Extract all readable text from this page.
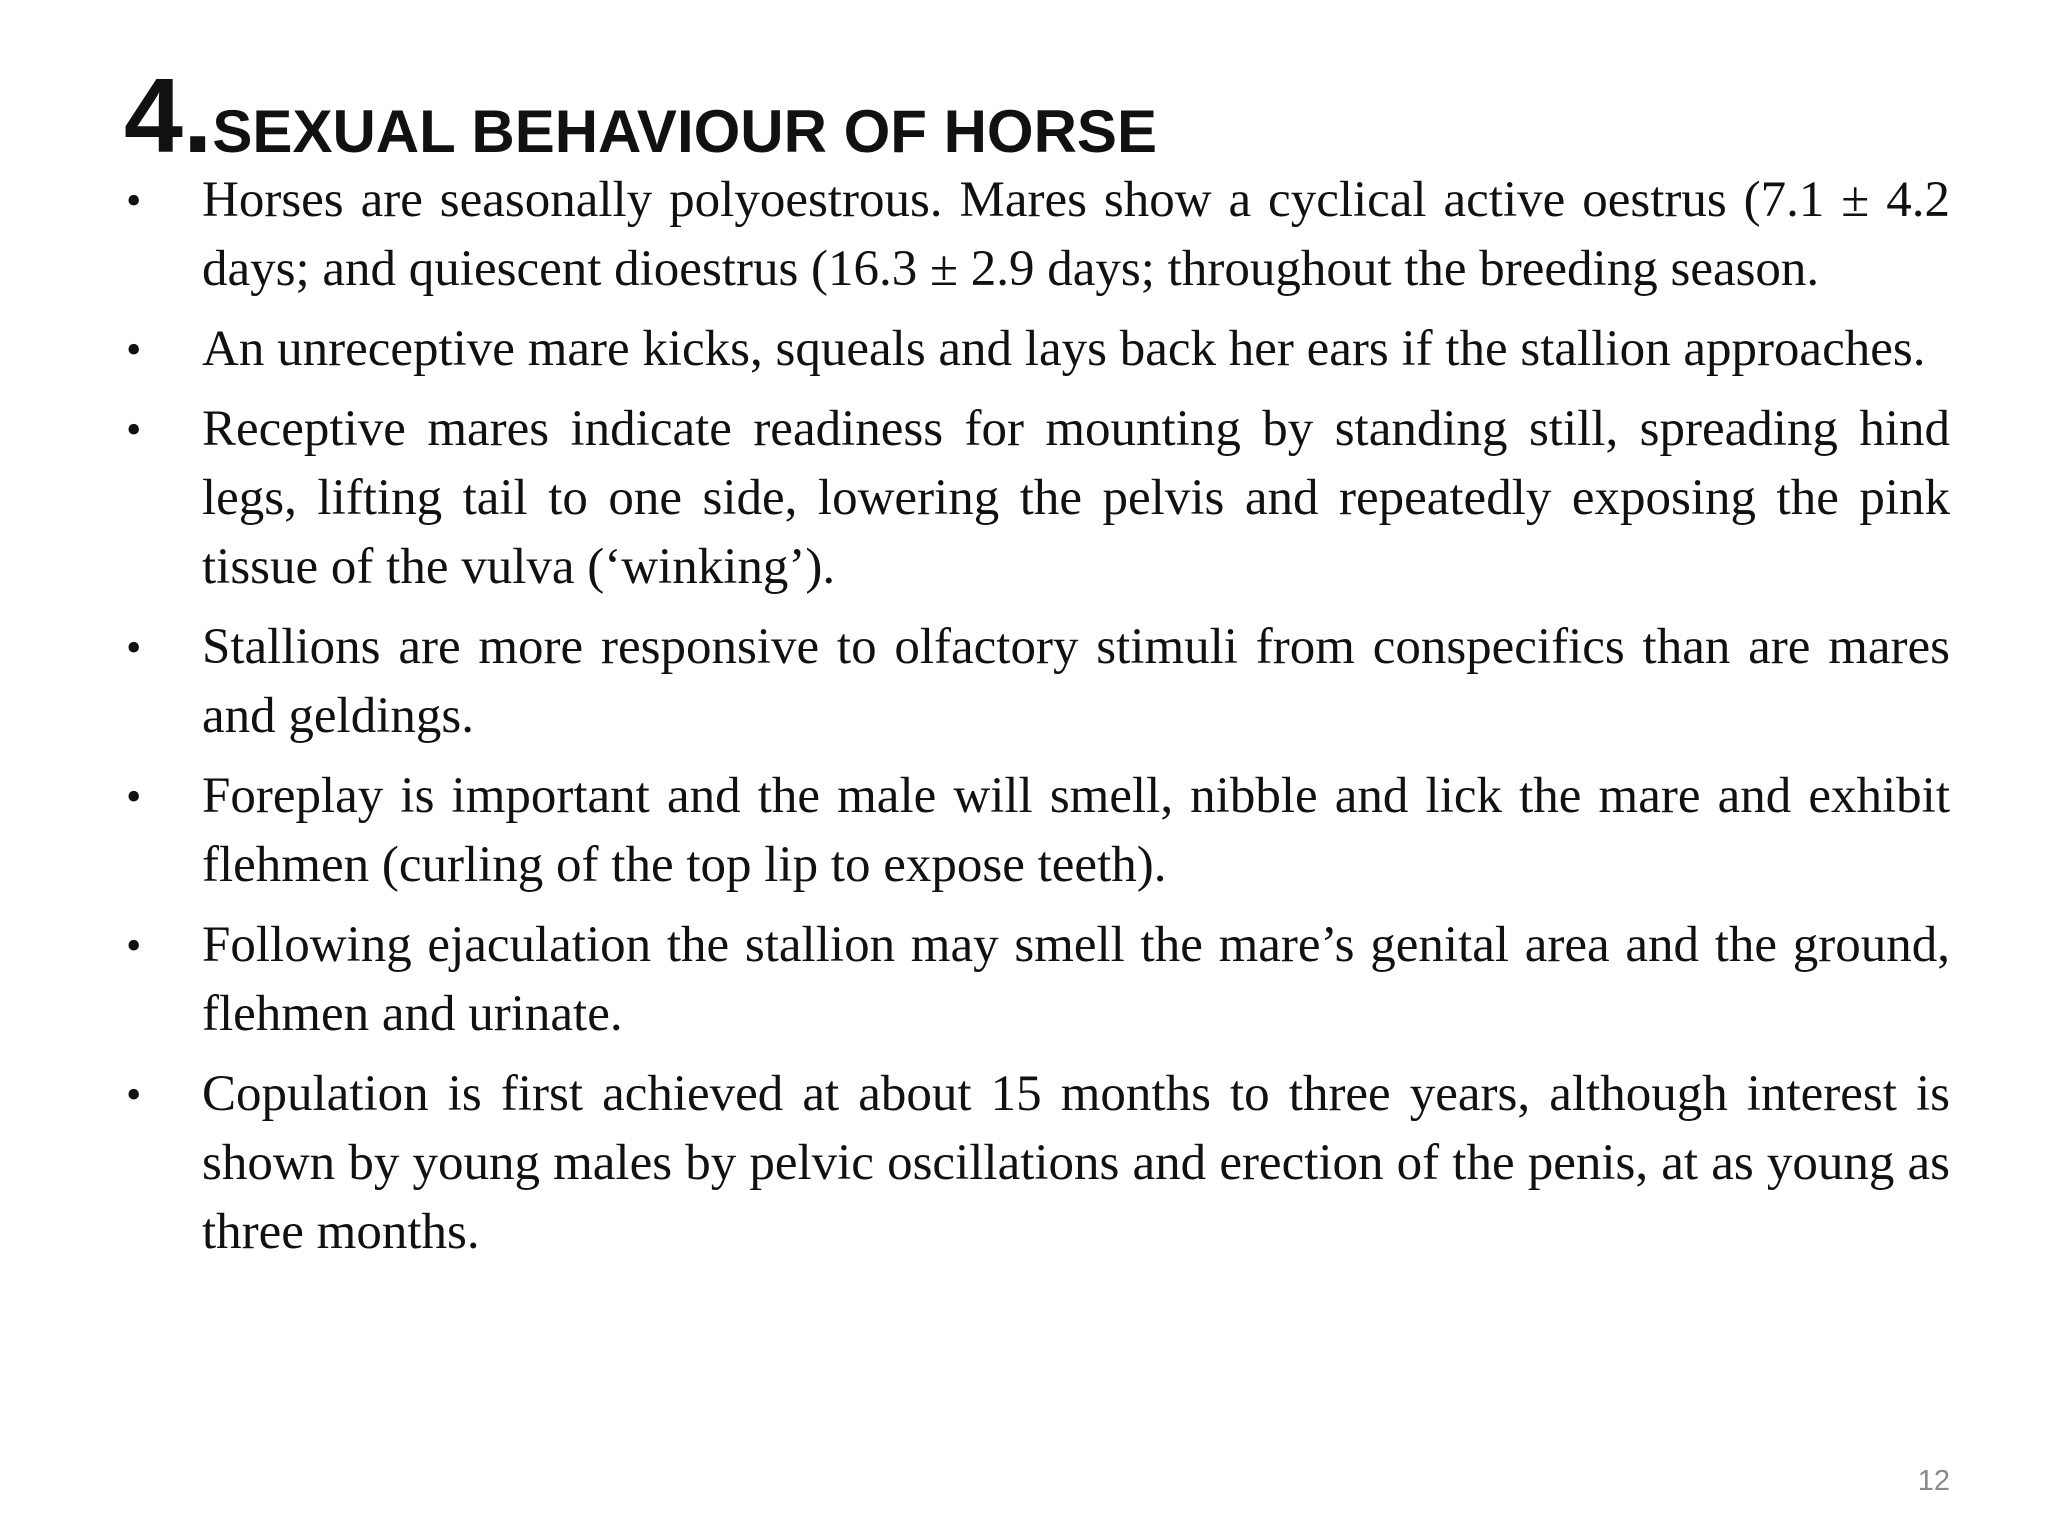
4.SEXUAL BEHAVIOUR OF HORSE
• Horses are seasonally polyoestrous. Mares show a cyclical active oestrus (7.1 ± 4.2 days; and quiescent dioestrus (16.3 ± 2.9 days; throughout the breeding season.
• An unreceptive mare kicks, squeals and lays back her ears if the stallion approaches.
• Receptive mares indicate readiness for mounting by standing still, spreading hind legs, lifting tail to one side, lowering the pelvis and repeatedly exposing the pink tissue of the vulva (‘winking’).
• Stallions are more responsive to olfactory stimuli from conspecifics than are mares and geldings.
• Foreplay is important and the male will smell, nibble and lick the mare and exhibit flehmen (curling of the top lip to expose teeth).
• Following ejaculation the stallion may smell the mare’s genital area and the ground, flehmen and urinate.
• Copulation is first achieved at about 15 months to three years, although interest is shown by young males by pelvic oscillations and erection of the penis, at as young as three months.
12
